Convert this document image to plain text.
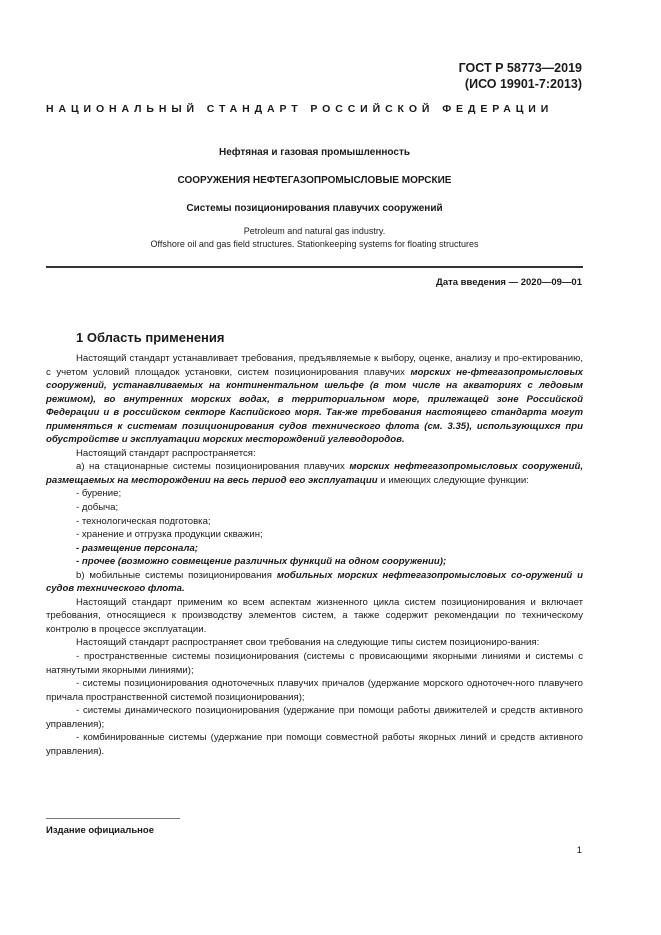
ГОСТ Р 58773—2019
(ИСО 19901-7:2013)
НАЦИОНАЛЬНЫЙ СТАНДАРТ РОССИЙСКОЙ ФЕДЕРАЦИИ
Нефтяная и газовая промышленность
СООРУЖЕНИЯ НЕФТЕГАЗОПРОМЫСЛОВЫЕ МОРСКИЕ
Системы позиционирования плавучих сооружений
Petroleum and natural gas industry.
Offshore oil and gas field structures. Stationkeeping systems for floating structures
Дата введения — 2020—09—01
1 Область применения

Настоящий стандарт устанавливает требования, предъявляемые к выбору, оценке, анализу и про-ектированию, с учетом условий площадок установки, систем позиционирования плавучих морских не-фтегазопромысловых сооружений, устанавливаемых на континентальном шельфе (в том числе на акваториях с ледовым режимом), во внутренних морских водах, в территориальном море, прилежащей зоне Российской Федерации и в российском секторе Каспийского моря. Так-же требования настоящего стандарта могут применяться к системам позиционирования судов технического флота (см. 3.35), использующихся при обустройстве и эксплуатации морских месторождений углеводородов.

Настоящий стандарт распространяется:

а) на стационарные системы позиционирования плавучих морских нефтегазопромысловых сооружений, размещаемых на месторождении на весь период его эксплуатации и имеющих следующие функции:

- бурение;

- добыча;

- технологическая подготовка;

- хранение и отгрузка продукции скважин;

- размещение персонала;

- прочее (возможно совмещение различных функций на одном сооружении);

b) мобильные системы позиционирования мобильных морских нефтегазопромысловых со-оружений и судов технического флота.

Настоящий стандарт применим ко всем аспектам жизненного цикла систем позиционирования и включает требования, относящиеся к производству элементов систем, а также содержит рекомендации по техническому контролю в процессе эксплуатации.

Настоящий стандарт распространяет свои требования на следующие типы систем позициониро-вания:

- пространственные системы позиционирования (системы с провисающими якорными линиями и системы с натянутыми якорными линиями);

- системы позиционирования одноточечных плавучих причалов (удержание морского одноточеч-ного плавучего причала пространственной системой позиционирования);

- системы динамического позиционирования (удержание при помощи работы движителей и средств активного управления);

- комбинированные системы (удержание при помощи совместной работы якорных линий и средств активного управления).

Издание официальное
1
